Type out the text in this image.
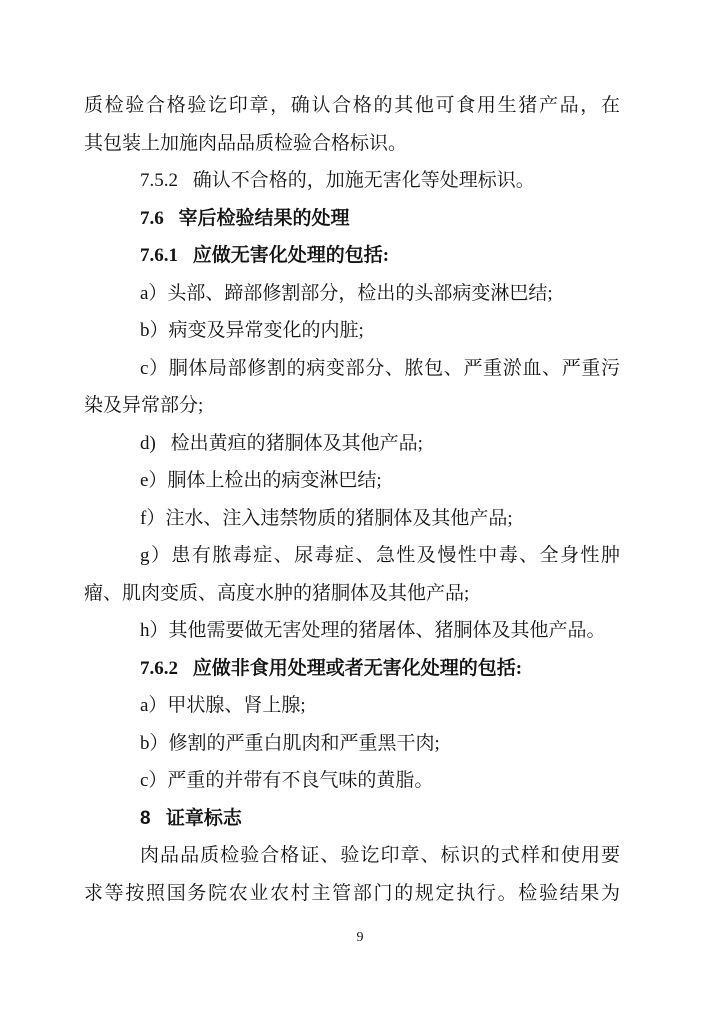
质检验合格验讫印章，确认合格的其他可食用生猪产品，在
其包装上加施肉品品质检验合格标识。
7.5.2 确认不合格的，加施无害化等处理标识。
7.6 宰后检验结果的处理
7.6.1 应做无害化处理的包括:
a）头部、蹄部修割部分，检出的头部病变淋巴结;
b）病变及异常变化的内脏;
c）胴体局部修割的病变部分、脓包、严重淤血、严重污
染及异常部分;
d) 检出黄疸的猪胴体及其他产品;
e）胴体上检出的病变淋巴结;
f）注水、注入违禁物质的猪胴体及其他产品;
g）患有脓毒症、尿毒症、急性及慢性中毒、全身性肿
瘤、肌肉变质、高度水肿的猪胴体及其他产品;
h）其他需要做无害处理的猪屠体、猪胴体及其他产品。
7.6.2 应做非食用处理或者无害化处理的包括:
a）甲状腺、肾上腺;
b）修割的严重白肌肉和严重黑干肉;
c）严重的并带有不良气味的黄脂。
8 证章标志
肉品品质检验合格证、验讫印章、标识的式样和使用要
求等按照国务院农业农村主管部门的规定执行。检验结果为
9
